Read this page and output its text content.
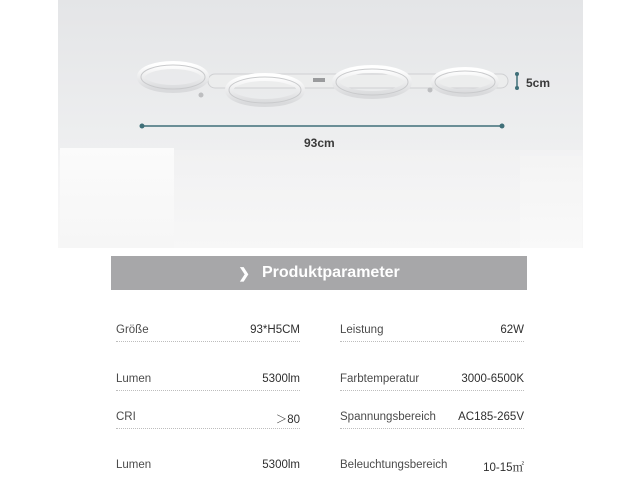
5cm
93cm
❯ Produktparameter
Größe	93*H5CM	Leistung	62W
Lumen	5300lm	Farbtemperatur	3000-6500K
CRI	＞80	Spannungsbereich AC185-265V
Lumen	5300lm	Beleuchtungsbereich	10-15㎡
